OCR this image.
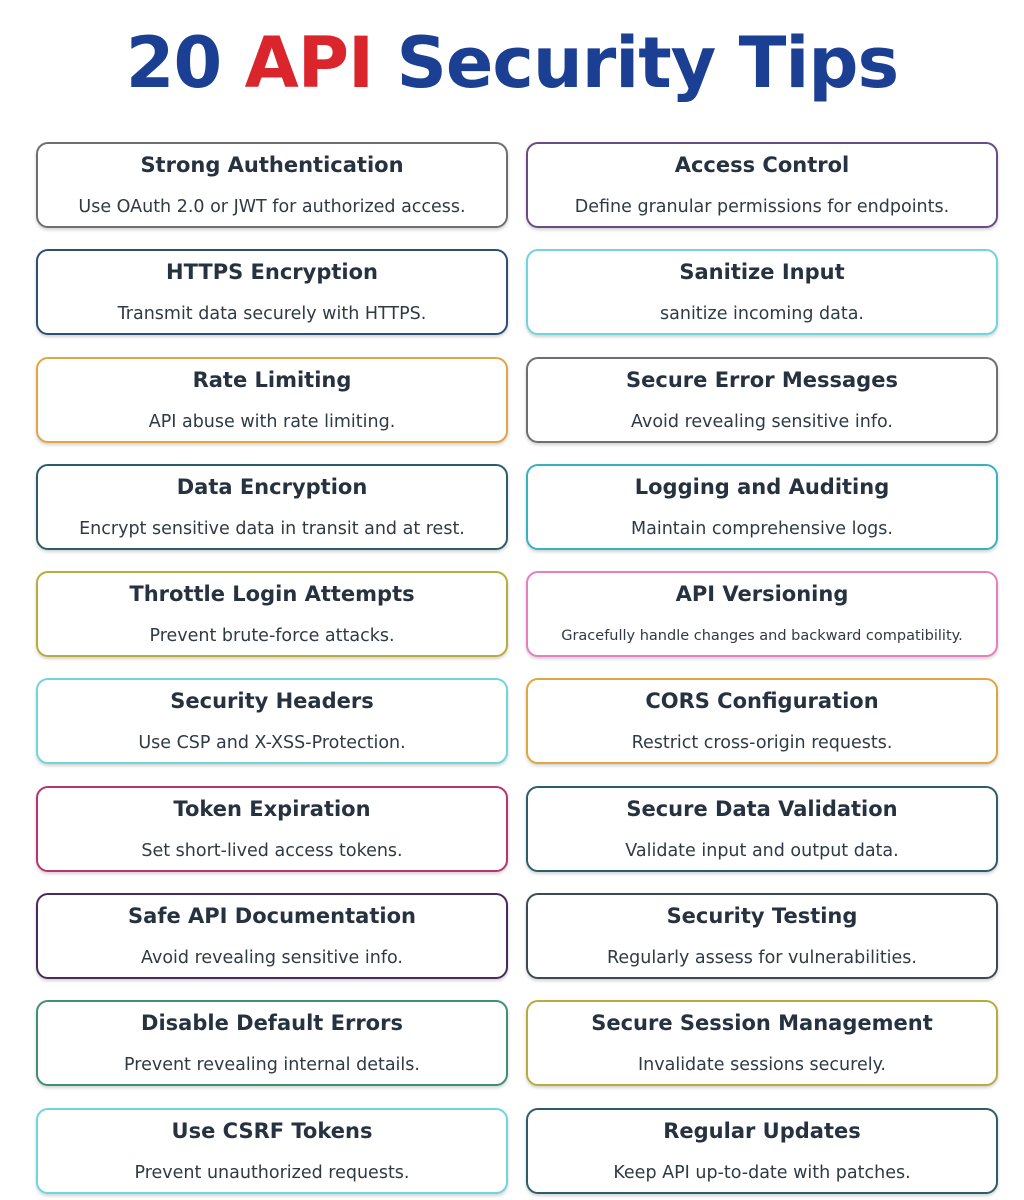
20 API Security Tips
Strong Authentication
Use OAuth 2.0 or JWT for authorized access.
Access Control
Define granular permissions for endpoints.
HTTPS Encryption
Transmit data securely with HTTPS.
Sanitize Input
sanitize incoming data.
Rate Limiting
API abuse with rate limiting.
Secure Error Messages
Avoid revealing sensitive info.
Data Encryption
Encrypt sensitive data in transit and at rest.
Logging and Auditing
Maintain comprehensive logs.
Throttle Login Attempts
Prevent brute-force attacks.
API Versioning
Gracefully handle changes and backward compatibility.
Security Headers
Use CSP and X-XSS-Protection.
CORS Configuration
Restrict cross-origin requests.
Token Expiration
Set short-lived access tokens.
Secure Data Validation
Validate input and output data.
Safe API Documentation
Avoid revealing sensitive info.
Security Testing
Regularly assess for vulnerabilities.
Disable Default Errors
Prevent revealing internal details.
Secure Session Management
Invalidate sessions securely.
Use CSRF Tokens
Prevent unauthorized requests.
Regular Updates
Keep API up-to-date with patches.
